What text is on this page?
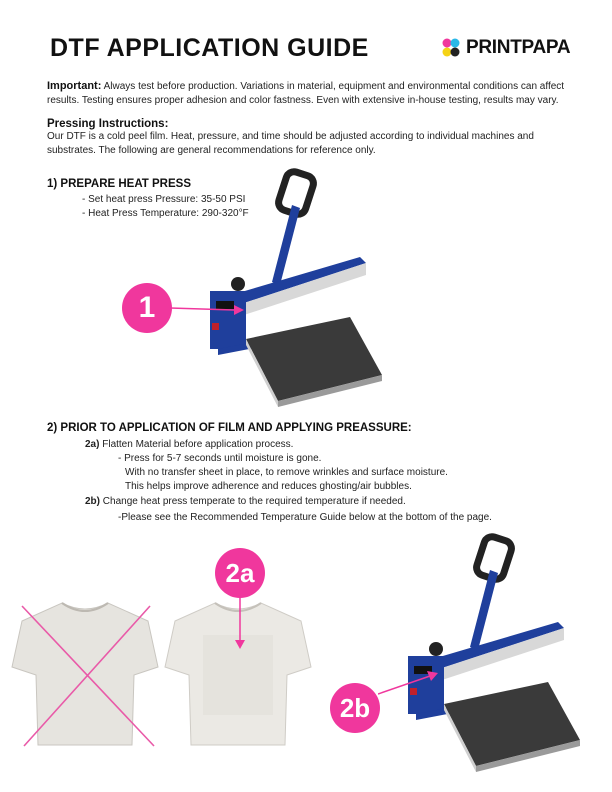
DTF APPLICATION GUIDE	PRINTPAPA
Important: Always test before production. Variations in material, equipment and environmental conditions can affect
results. Testing ensures proper adhesion and color fastness. Even with extensive in-house testing, results may vary.
Pressing Instructions:
Our DTF is a cold peel film. Heat, pressure, and time should be adjusted according to individual machines and
substrates. The following are general recommendations for reference only.
1) PREPARE HEAT PRESS
- Set heat press Pressure: 35-50 PSI
- Heat Press Temperature: 290-320°F
1
2) PRIOR TO APPLICATION OF FILM AND APPLYING PREASSURE:
2a) Flatten Material before application process.
- Press for 5-7 seconds until moisture is gone.
With no transfer sheet in place, to remove wrinkles and surface moisture.
This helps improve adherence and reduces ghosting/air bubbles.
2b) Change heat press temperate to the required temperature if needed.
-Please see the Recommended Temperature Guide below at the bottom of the page.
2a
2b
